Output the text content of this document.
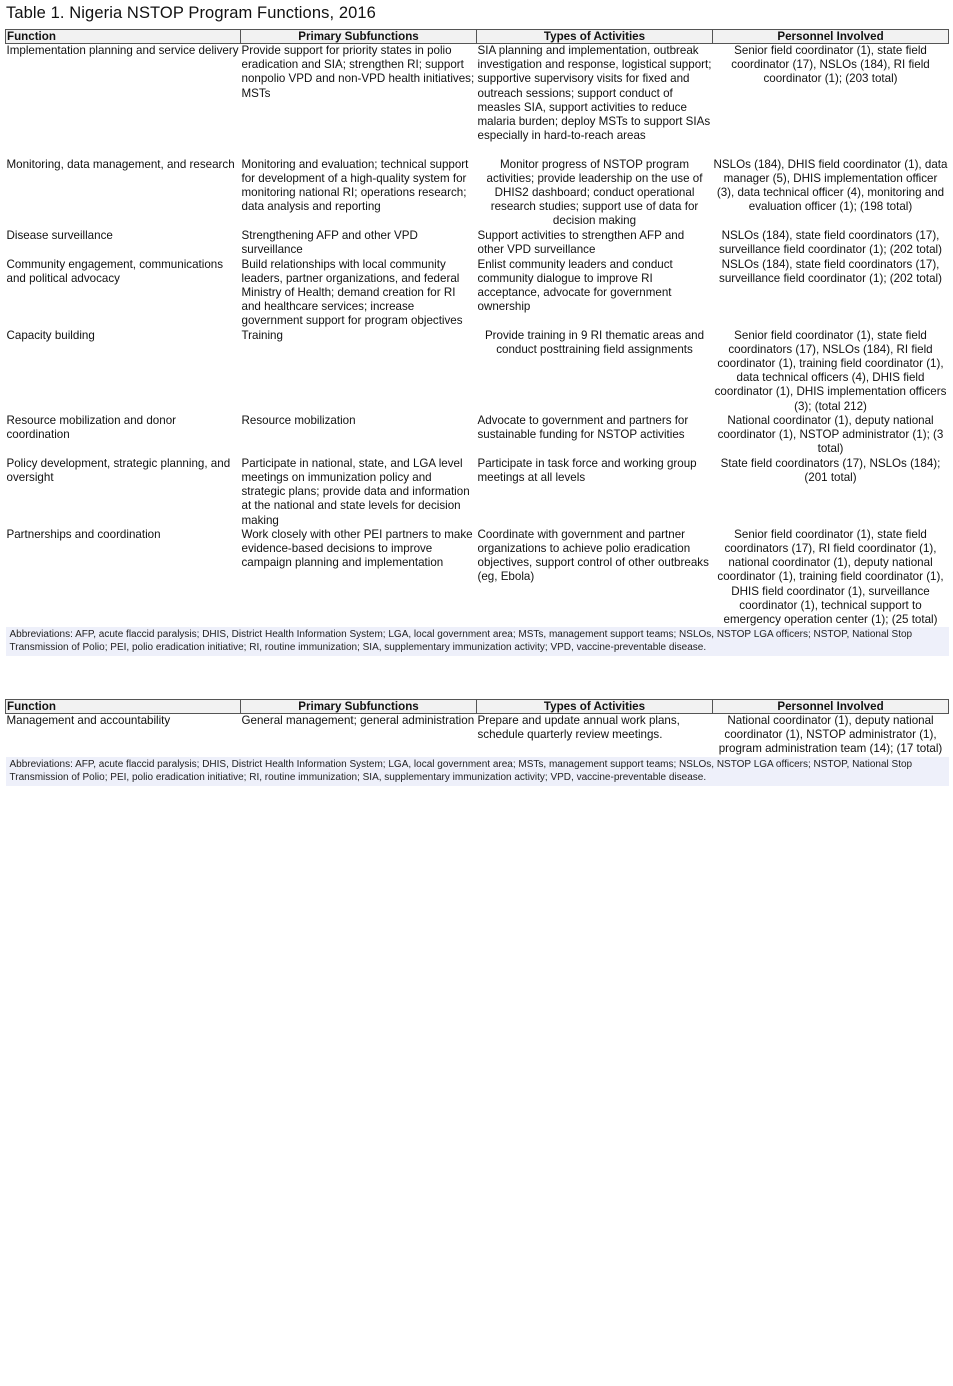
Table 1. Nigeria NSTOP Program Functions, 2016
Function	Primary Subfunctions	Types of Activities	Personnel Involved
Implementation planning and service delivery	Provide support for priority states in polio eradication and SIA; strengthen RI; support nonpolio VPD and non-VPD health initiatives; MSTs	SIA planning and implementation, outbreak investigation and response, logistical support; supportive supervisory visits for fixed and outreach sessions; support conduct of measles SIA, support activities to reduce malaria burden; deploy MSTs to support SIAs especially in hard-to-reach areas	Senior field coordinator (1), state field coordinator (17), NSLOs (184), RI field coordinator (1); (203 total)
Monitoring, data management, and research	Monitoring and evaluation; technical support for development of a high-quality system for monitoring national RI; operations research; data analysis and reporting	Monitor progress of NSTOP program activities; provide leadership on the use of DHIS2 dashboard; conduct operational research studies; support use of data for decision making	NSLOs (184), DHIS field coordinator (1), data manager (5), DHIS implementation officer (3), data technical officer (4), monitoring and evaluation officer (1); (198 total)
Disease surveillance	Strengthening AFP and other VPD surveillance	Support activities to strengthen AFP and other VPD surveillance	NSLOs (184), state field coordinators (17), surveillance field coordinator (1); (202 total)
Community engagement, communications and political advocacy	Build relationships with local community leaders, partner organizations, and federal Ministry of Health; demand creation for RI and healthcare services; increase government support for program objectives	Enlist community leaders and conduct community dialogue to improve RI acceptance, advocate for government ownership	NSLOs (184), state field coordinators (17), surveillance field coordinator (1); (202 total)
Capacity building	Training	Provide training in 9 RI thematic areas and conduct posttraining field assignments	Senior field coordinator (1), state field coordinators (17), NSLOs (184), RI field coordinator (1), training field coordinator (1), data technical officers (4), DHIS field coordinator (1), DHIS implementation officers (3); (total 212)
Resource mobilization and donor coordination	Resource mobilization	Advocate to government and partners for sustainable funding for NSTOP activities	National coordinator (1), deputy national coordinator (1), NSTOP administrator (1); (3 total)
Policy development, strategic planning, and oversight	Participate in national, state, and LGA level meetings on immunization policy and strategic plans; provide data and information at the national and state levels for decision making	Participate in task force and working group meetings at all levels	State field coordinators (17), NSLOs (184); (201 total)
Partnerships and coordination	Work closely with other PEI partners to make evidence-based decisions to improve campaign planning and implementation	Coordinate with government and partner organizations to achieve polio eradication objectives, support control of other outbreaks (eg, Ebola)	Senior field coordinator (1), state field coordinators (17), RI field coordinator (1), national coordinator (1), deputy national coordinator (1), training field coordinator (1), DHIS field coordinator (1), surveillance coordinator (1), technical support to emergency operation center (1); (25 total)
Abbreviations: AFP, acute flaccid paralysis; DHIS, District Health Information System; LGA, local government area; MSTs, management support teams; NSLOs, NSTOP LGA officers; NSTOP, National Stop Transmission of Polio; PEI, polio eradication initiative; RI, routine immunization; SIA, supplementary immunization activity; VPD, vaccine-preventable disease.			
Function	Primary Subfunctions	Types of Activities	Personnel Involved
Management and accountability	General management; general administration	Prepare and update annual work plans, schedule quarterly review meetings.	National coordinator (1), deputy national coordinator (1), NSTOP administrator (1), program administration team (14); (17 total)
Abbreviations: AFP, acute flaccid paralysis; DHIS, District Health Information System; LGA, local government area; MSTs, management support teams; NSLOs, NSTOP LGA officers; NSTOP, National Stop Transmission of Polio; PEI, polio eradication initiative; RI, routine immunization; SIA, supplementary immunization activity; VPD, vaccine-preventable disease.			
